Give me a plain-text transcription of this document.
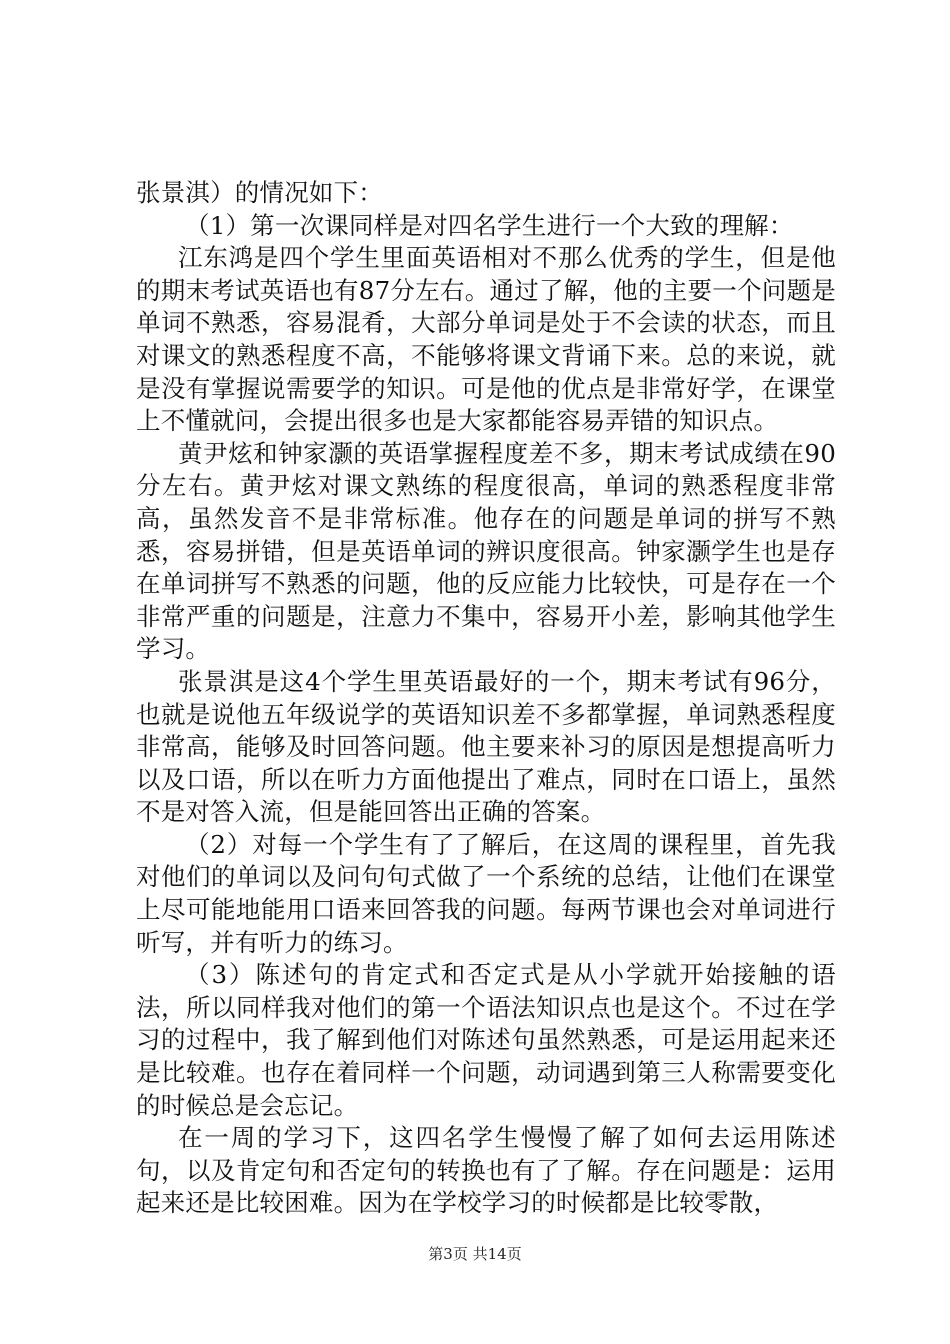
张景淇）的情况如下：

（1）第一次课同样是对四名学生进行一个大致的理解：

江东鸿是四个学生里面英语相对不那么优秀的学生，但是他的期末考试英语也有87分左右。通过了解，他的主要一个问题是单词不熟悉，容易混肴，大部分单词是处于不会读的状态，而且对课文的熟悉程度不高，不能够将课文背诵下来。总的来说，就是没有掌握说需要学的知识。可是他的优点是非常好学，在课堂上不懂就问，会提出很多也是大家都能容易弄错的知识点。

黄尹炫和钟家灏的英语掌握程度差不多，期末考试成绩在90分左右。黄尹炫对课文熟练的程度很高，单词的熟悉程度非常高，虽然发音不是非常标准。他存在的问题是单词的拼写不熟悉，容易拼错，但是英语单词的辨识度很高。钟家灏学生也是存在单词拼写不熟悉的问题，他的反应能力比较快，可是存在一个非常严重的问题是，注意力不集中，容易开小差，影响其他学生学习。

张景淇是这4个学生里英语最好的一个，期末考试有96分，也就是说他五年级说学的英语知识差不多都掌握，单词熟悉程度非常高，能够及时回答问题。他主要来补习的原因是想提高听力以及口语，所以在听力方面他提出了难点，同时在口语上，虽然不是对答入流，但是能回答出正确的答案。

（2）对每一个学生有了了解后，在这周的课程里，首先我对他们的单词以及问句句式做了一个系统的总结，让他们在课堂上尽可能地能用口语来回答我的问题。每两节课也会对单词进行听写，并有听力的练习。

（3）陈述句的肯定式和否定式是从小学就开始接触的语法，所以同样我对他们的第一个语法知识点也是这个。不过在学习的过程中，我了解到他们对陈述句虽然熟悉，可是运用起来还是比较难。也存在着同样一个问题，动词遇到第三人称需要变化的时候总是会忘记。

在一周的学习下，这四名学生慢慢了解了如何去运用陈述句，以及肯定句和否定句的转换也有了了解。存在问题是：运用起来还是比较困难。因为在学校学习的时候都是比较零散，

第3页 共14页
